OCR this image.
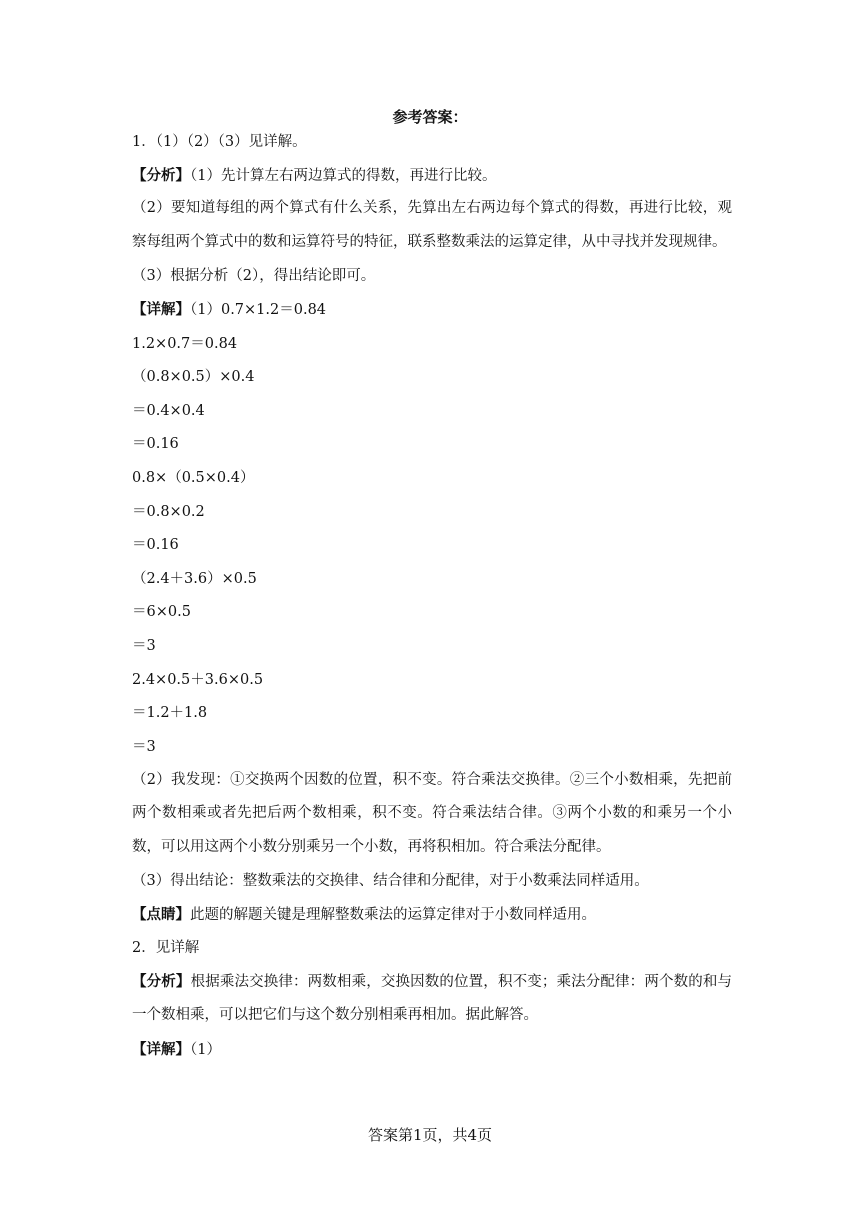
参考答案：
1．（1）（2）（3）见详解。
【分析】（1）先计算左右两边算式的得数，再进行比较。
（2）要知道每组的两个算式有什么关系，先算出左右两边每个算式的得数，再进行比较，观察每组两个算式中的数和运算符号的特征，联系整数乘法的运算定律，从中寻找并发现规律。
（3）根据分析（2），得出结论即可。
【详解】（1）0.7×1.2＝0.84
1.2×0.7＝0.84
（0.8×0.5）×0.4
＝0.4×0.4
＝0.16
0.8×（0.5×0.4）
＝0.8×0.2
＝0.16
（2.4＋3.6）×0.5
＝6×0.5
＝3
2.4×0.5＋3.6×0.5
＝1.2＋1.8
＝3
（2）我发现：①交换两个因数的位置，积不变。符合乘法交换律。②三个小数相乘，先把前两个数相乘或者先把后两个数相乘，积不变。符合乘法结合律。③两个小数的和乘另一个小数，可以用这两个小数分别乘另一个小数，再将积相加。符合乘法分配律。
（3）得出结论：整数乘法的交换律、结合律和分配律，对于小数乘法同样适用。
【点睛】此题的解题关键是理解整数乘法的运算定律对于小数同样适用。
2．见详解
【分析】根据乘法交换律：两数相乘，交换因数的位置，积不变；乘法分配律：两个数的和与一个数相乘，可以把它们与这个数分别相乘再相加。据此解答。
【详解】（1）
答案第1页，共4页
